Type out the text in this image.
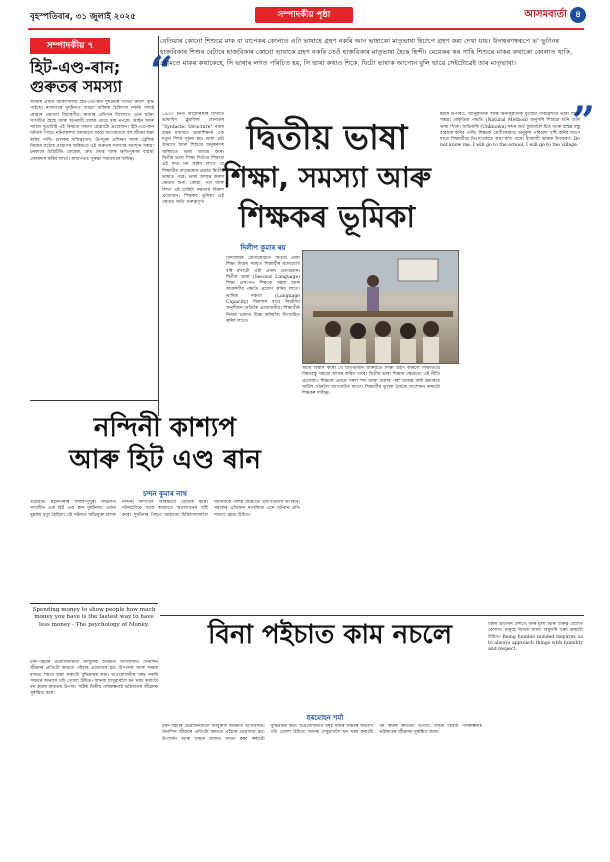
বৃহস্পতিবাৰ, ৩১ জুলাই ২০২৫	সম্পাদকীয় পৃষ্ঠা	আসমবাৰ্তা ৪
সম্পাদকীয় ৭
হিট-এণ্ড-ৰান;
গুৰুতৰ সমস্যা
অসমৰ প্ৰধান চিকিৎসালয় হিট-এণ্ড-ৰান দুৰ্ঘটনাৰ সংখ্যা ক্ৰমাৎ বৃদ্ধি পাইছে। ৰাজপথৰ দুৰ্ঘটনাত আহত ব্যক্তিক চিকিৎসা নকৰি পলাই যোৱাৰ প্ৰৱণতা বিচাৰণীয়। ৰাজ্যৰ প্ৰতিখন জিলাতে এনে ঘটনা সংঘটিত হৈছে আৰু অপৰাধী চালক প্ৰায়ে ধৰা নপৰে। আইন আৰু সমাজ দুয়োটাই এই বিষয়ত সজাগ হোৱাটো প্ৰয়োজন। হিট-এণ্ড-ৰান ঘটনাৰ পিছত ঘটনাস্থলত সময়মতে সহায় আগবঢ়ালে বহু জীৱন ৰক্ষা কৰিব পাৰি। চালকৰ দায়িত্ববোধ, উপযুক্ত প্ৰশিক্ষণ আৰু ট্ৰেফিক নিয়মৰ কঠোৰ প্ৰয়োগৰ জৰিয়তে এই গুৰুতৰ সমস্যাৰ সমাধান সম্ভৱ। চৰকাৰে চিচিটিভি কেমেৰা, দ্ৰুত তদন্ত আৰু ক্ষতিপূৰণৰ ব্যৱস্থা জোৰদাৰ কৰিব লাগে। ৰাজপথত সুৰক্ষা সকলোৰে দায়িত্ব।
“
বেতিয়াৰ কোনো শিশুৱে মাক বা বাপেকৰ কোলাত এটা ভাষাহে গ্ৰহণ নকৰি আন ভাষাকো মাতৃভাষা হিচাপে গ্ৰহণ কৰা দেখা যায়। উদাহৰণস্বৰূপে ভ' ভুটানৰ হাজবিকাৰ শিশুৰ বেটাৰে হাজবিকাৰ কোনো ভাষাকে গ্ৰহণ নকৰি তেওঁ হাজবিকাৰ মাতৃভাষা হৈছে হিন্দী। মেয়েকৰ কৰ পাৰি শিশুৰে মাকৰ কথাকো কোলাত থাকি, প্ৰথমতে মাকৰ কথাকেহে, সি ভাষাৰ লগত পৰিচিত হয়, সি ভাষা কথাও শিকে, যিটো ভাষাক আপোন বুলি ভাৱে সেইটোৱেই তাৰ মাতৃভাষা।
”
১৯৩০ চনত আমেৰিকাৰ বিখ্যাত ভাষাবিদ ব্লুমফিল্ড লেনাৰ্ডৰ "Syntactic Structure" নামৰ গ্ৰন্থৰ মাধ্যমত ভাষাশিক্ষাৰ এক নতুন দিশৰ সূচনা হয়। ভাষা এটা অভ্যাস আৰু শিশুৱে অনুকৰণৰ জৰিয়তে ভাষা আয়ত্ত কৰে। দ্বিতীয় ভাষা শিক্ষা দিওঁতে শিক্ষকে এই কথা মন কৰিব লাগে যে শিক্ষাৰ্থীৰ মাতৃভাষাৰ প্ৰভাৱ দ্বিতীয় ভাষাত পৰে। ভাষা আয়ত্ত কৰাৰ ক্ষেত্ৰত শুনা, কোৱা, পঢ়া আৰু লিখা এই চাৰিটা দক্ষতাৰ বিকাশ প্ৰয়োজন। শিক্ষকৰ ভূমিকা এই ক্ষেত্ৰত অতি গুৰুত্বপূৰ্ণ।
দ্বিতীয় ভাষা
শিক্ষা, সমস্যা আৰু
শিক্ষকৰ ভূমিকা
দিলীপ কুমাৰ ৰয়
বিদ্যালয়ৰ শ্ৰেণীকোঠাত দ্বিতীয় ভাষা শিক্ষা দিয়াৰ সময়ত শিক্ষাৰ্থীৰ মনোযোগ ধৰি ৰখাটো এটা প্ৰধান প্ৰত্যাহ্বান। দ্বিতীয় ভাষা (Second Language) শিক্ষা প্ৰসংগত শিক্ষকে সহজ আৰু আকৰ্ষণীয় পদ্ধতি প্ৰয়োগ কৰিব লাগে। ভাষিক দক্ষতা (Language Capacity) বিকাশৰ বাবে নিয়মীয়া অনুশীলন অতিকৈ প্ৰয়োজনীয়। শিক্ষাৰ্থীক নিজৰ ভাষাত চিন্তা কৰিবলৈ উৎসাহিত কৰিব লাগে।
ইয়াৰ উপৰিও, আনুষ্ঠানিক আৰু অনানুষ্ঠানিক দুয়োটা পৰিৱেশতে ভাষা শিক্ষা সম্ভৱ। প্ৰাকৃতিক পদ্ধতি (Natural Method) অনুসৰি শিশুৱে শুনি শুনি ভাষা শিকে। অচিনাকি (Unknown) শব্দৰ অৰ্থ বুজাবলৈ চিত্ৰ আৰু বাস্তৱ বস্তু ব্যৱহাৰ কৰিব পাৰি। শিক্ষকে শ্ৰেণীকোঠাত অনুকূল পৰিৱেশ সৃষ্টি কৰিব লাগে যাতে শিক্ষাৰ্থীয়ে নিঃসংকোচে কথা ক'ব পাৰে। ইংৰাজী ভাষাৰ উদাহৰণ: Do not know me, I will go to the school, I will go to the village.
আমি বিশ্বাস কৰোঁ যে মাতৃভাষাৰ জৰিয়তে শিক্ষা গ্ৰহণ কৰিলে শিক্ষাৰ্থীয়ে বিষয়বস্তু সহজে আয়ত্ত কৰিব পাৰে। দ্বিতীয় ভাষা শিক্ষাৰ ক্ষেত্ৰতো এই নীতি প্ৰযোজ্য। শিক্ষকে প্ৰথমে সৰল শব্দ আৰু বাক্যৰ পৰা আৰম্ভ কৰি ক্ৰমান্বয়ে জটিল গঠনলৈ আগবাঢ়িব লাগে। শিক্ষাৰ্থীৰ ভুলক ধৈৰ্যৰে সংশোধন কৰাটো শিক্ষকৰ দায়িত্ব।
নন্দিনী কাশ্যপ
আৰু হিট এণ্ড ৰান
চন্দন কুমাৰ নাথ
গুৱাহাটী মহানগৰীৰ দীঘলীপুখুৰী অঞ্চলত সংঘটিত এক হিট এণ্ড ৰান দুৰ্ঘটনাত এজন যুৱকৰ মৃত্যু হৈছিল। এই ঘটনাত অভিযুক্ত চালক নন্দিনী কাশ্যপক আৰক্ষীয়ে গ্ৰেপ্তাৰ কৰে। ঘটনাটোৱে সমগ্ৰ ৰাজ্যতে আলোড়নৰ সৃষ্টি কৰে। দুৰ্ঘটনাৰ পিছত আহতক চিকিৎসালয়লৈ নিনিয়াকৈ পলাই যোৱাটো এক দণ্ডনীয় অপৰাধ। সমাজৰ প্ৰতিজন নাগৰিকে এনে ঘটনাৰ প্ৰতি সজাগ হোৱা উচিত।
Spending money to show people how much money you have is the fastest way to have less money - The psychology of Money.	বিনা পইচাত কাম নচলে
হৰমোহন শৰ্মা
টকা-পইচাৰ প্ৰয়োজনীয়তা আধুনিক জীৱনত অপৰিসীম। দৈনন্দিন জীৱনৰ প্ৰতিটো কামতে পইচাৰ প্ৰয়োজন হয়। উপাৰ্জন আৰু খৰচৰ মাজত সমতা ৰক্ষা কৰাটো বুদ্ধিমানৰ কাম। অপ্ৰয়োজনীয় খৰচ নকৰি সঞ্চয়ৰ অভ্যাস গঢ়ি তোলা উচিত। আনক দেখুৱাবলৈ ধন খৰচ কৰাটো ধন কমাৰ দ্ৰুততম উপায়। সঠিক বিত্তীয় পৰিকল্পনাই ভৱিষ্যতৰ জীৱনক সুৰক্ষিত কৰে।
টকা-পইচাৰ প্ৰয়োজনীয়তা আধুনিক জীৱনত অপৰিসীম। দৈনন্দিন জীৱনৰ প্ৰতিটো কামতে পইচাৰ প্ৰয়োজন হয়। উপাৰ্জন আৰু খৰচৰ মাজত সমতা ৰক্ষা কৰাটো বুদ্ধিমানৰ কাম। অপ্ৰয়োজনীয় খৰচ নকৰি সঞ্চয়ৰ অভ্যাস গঢ়ি তোলা উচিত। আনক দেখুৱাবলৈ ধন খৰচ কৰাটো ধন কমাৰ দ্ৰুততম উপায়। সঠিক বিত্তীয় পৰিকল্পনাই ভৱিষ্যতৰ জীৱনক সুৰক্ষিত কৰে।
বিশ্বৰ প্ৰতিখন দেশতে ধনৰ মূল্য আৰু গুৰুত্ব বেলেগ বেলেগ। মানুহে নিজৰ সামৰ্থ অনুসৰি খৰচ কৰাটো উচিত। Being humble minded requires us to always approach things with humility and respect.
